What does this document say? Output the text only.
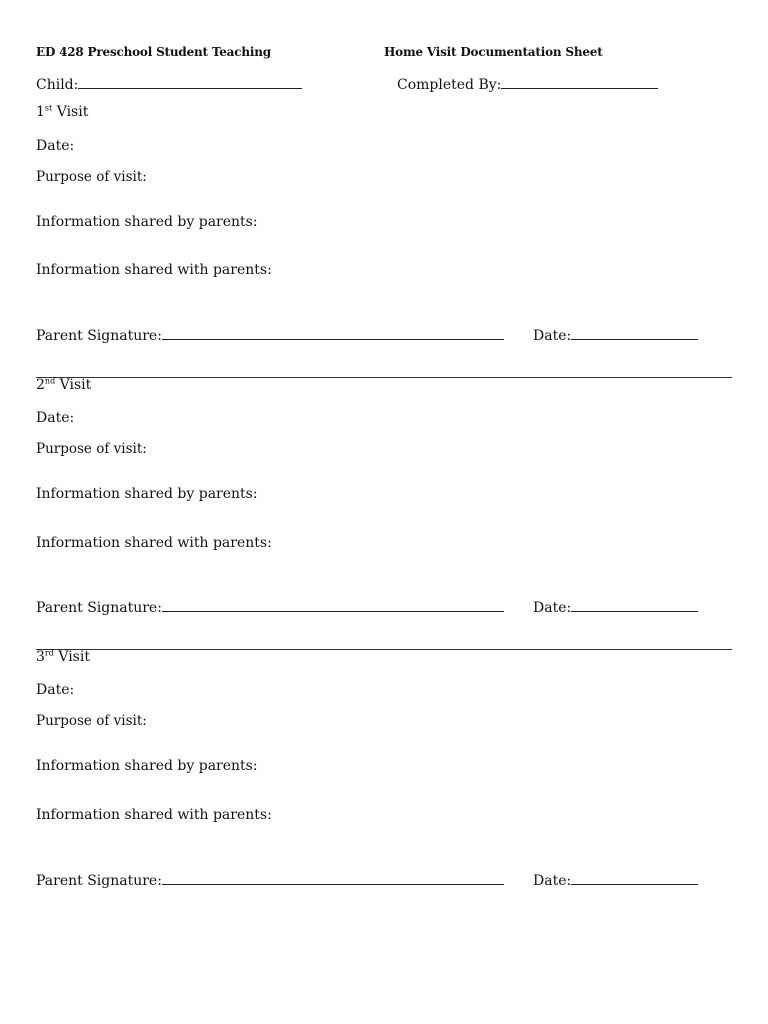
ED 428 Preschool Student Teaching	Home Visit Documentation Sheet
Child:	Completed By:
1st Visit
Date:
Purpose of visit:
Information shared by parents:
Information shared with parents:
Parent Signature:	Date:
2nd Visit
Date:
Purpose of visit:
Information shared by parents:
Information shared with parents:
Parent Signature:	Date:
3rd Visit
Date:
Purpose of visit:
Information shared by parents:
Information shared with parents:
Parent Signature:	Date:
